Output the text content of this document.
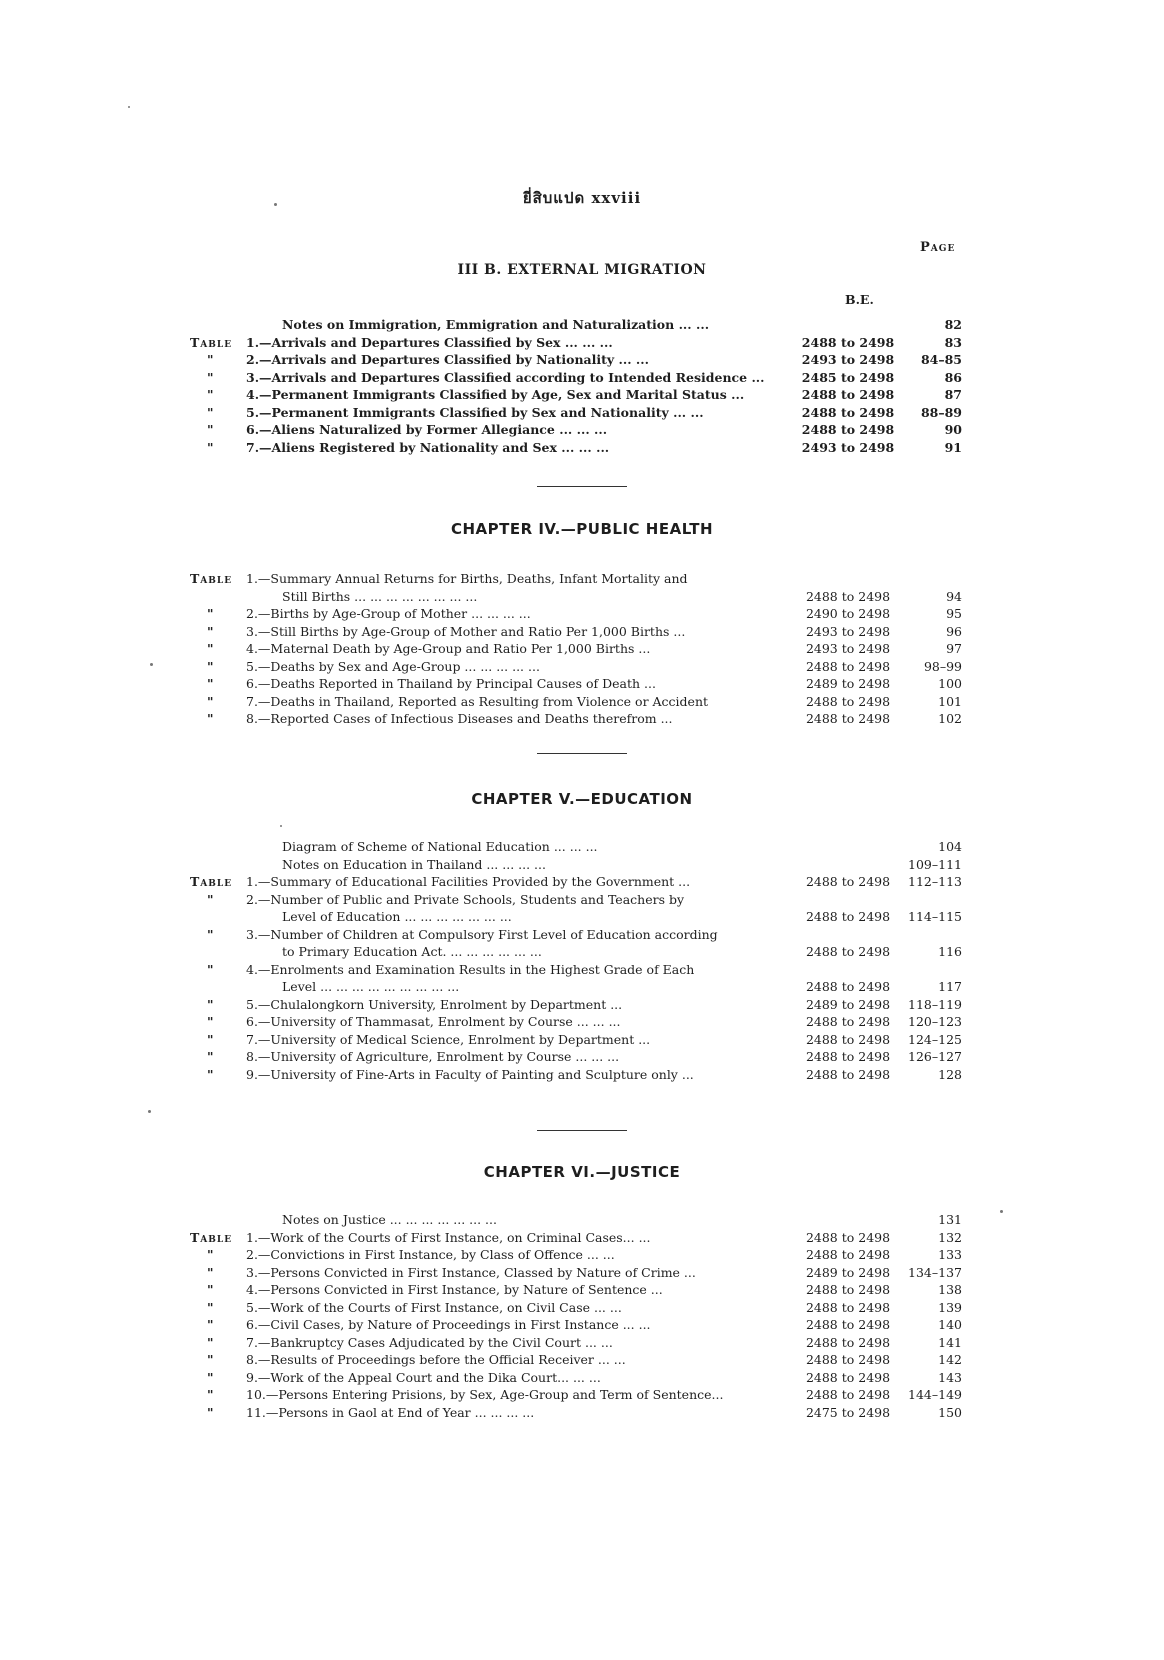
ยี่สิบแปด xxviii
Page
III B. EXTERNAL MIGRATION
B.E.
Notes on Immigration, Emmigration and Naturalization ... ...	82
Table 1.—Arrivals and Departures Classified by Sex ... ... ...	2488 to 2498	83
"	2.—Arrivals and Departures Classified by Nationality ... ...	2493 to 2498	84–85
"	3.—Arrivals and Departures Classified according to Intended Residence ...	2485 to 2498	86
"	4.—Permanent Immigrants Classified by Age, Sex and Marital Status ...	2488 to 2498	87
"	5.—Permanent Immigrants Classified by Sex and Nationality ... ...	2488 to 2498	88–89
"	6.—Aliens Naturalized by Former Allegiance ... ... ...	2488 to 2498	90
"	7.—Aliens Registered by Nationality and Sex ... ... ...	2493 to 2498	91
CHAPTER IV.—PUBLIC HEALTH
Table 1.—Summary Annual Returns for Births, Deaths, Infant Mortality and
Still Births ... ... ... ... ... ... ... ...	2488 to 2498	94
"	2.—Births by Age-Group of Mother ... ... ... ...	2490 to 2498	95
"	3.—Still Births by Age-Group of Mother and Ratio Per 1,000 Births ...	2493 to 2498	96
"	4.—Maternal Death by Age-Group and Ratio Per 1,000 Births ...	2493 to 2498	97
"	5.—Deaths by Sex and Age-Group ... ... ... ... ...	2488 to 2498	98–99
"	6.—Deaths Reported in Thailand by Principal Causes of Death ...	2489 to 2498	100
"	7.—Deaths in Thailand, Reported as Resulting from Violence or Accident	2488 to 2498	101
"	8.—Reported Cases of Infectious Diseases and Deaths therefrom ...	2488 to 2498	102
CHAPTER V.—EDUCATION
Diagram of Scheme of National Education ... ... ...	104
Notes on Education in Thailand ... ... ... ...	109–111
Table 1.—Summary of Educational Facilities Provided by the Government ...	2488 to 2498	112–113
"	2.—Number of Public and Private Schools, Students and Teachers by
Level of Education ... ... ... ... ... ... ...	2488 to 2498	114–115
"	3.—Number of Children at Compulsory First Level of Education according
to Primary Education Act. ... ... ... ... ... ...	2488 to 2498	116
"	4.—Enrolments and Examination Results in the Highest Grade of Each
Level ... ... ... ... ... ... ... ... ...	2488 to 2498	117
"	5.—Chulalongkorn University, Enrolment by Department ...	2489 to 2498	118–119
"	6.—University of Thammasat, Enrolment by Course ... ... ...	2488 to 2498	120–123
"	7.—University of Medical Science, Enrolment by Department ...	2488 to 2498	124–125
"	8.—University of Agriculture, Enrolment by Course ... ... ...	2488 to 2498	126–127
"	9.—University of Fine-Arts in Faculty of Painting and Sculpture only ...	2488 to 2498	128
CHAPTER VI.—JUSTICE
Notes on Justice ... ... ... ... ... ... ...	131
Table 1.—Work of the Courts of First Instance, on Criminal Cases... ...	2488 to 2498	132
"	2.—Convictions in First Instance, by Class of Offence ... ...	2488 to 2498	133
"	3.—Persons Convicted in First Instance, Classed by Nature of Crime ...	2489 to 2498	134–137
"	4.—Persons Convicted in First Instance, by Nature of Sentence ...	2488 to 2498	138
"	5.—Work of the Courts of First Instance, on Civil Case ... ...	2488 to 2498	139
"	6.—Civil Cases, by Nature of Proceedings in First Instance ... ...	2488 to 2498	140
"	7.—Bankruptcy Cases Adjudicated by the Civil Court ... ...	2488 to 2498	141
"	8.—Results of Proceedings before the Official Receiver ... ...	2488 to 2498	142
"	9.—Work of the Appeal Court and the Dika Court... ... ...	2488 to 2498	143
"	10.—Persons Entering Prisions, by Sex, Age-Group and Term of Sentence...	2488 to 2498	144–149
"	11.—Persons in Gaol at End of Year ... ... ... ...	2475 to 2498	150
